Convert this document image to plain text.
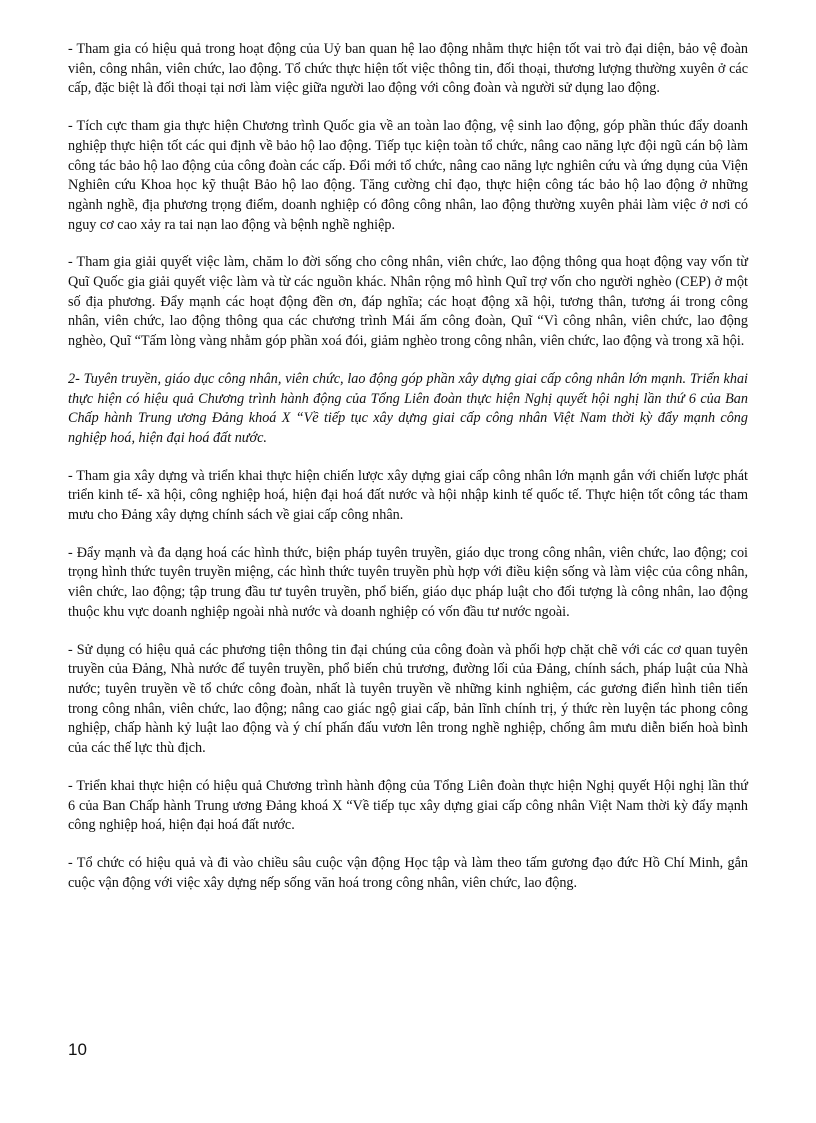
- Tham gia có hiệu quả trong hoạt động của Uỷ ban quan hệ lao động nhằm thực hiện tốt vai trò đại diện, bảo vệ đoàn viên, công nhân, viên chức, lao động. Tổ chức thực hiện tốt việc thông tin, đối thoại, thương lượng thường xuyên ở các cấp, đặc biệt là đối thoại tại nơi làm việc giữa người lao động với công đoàn và người sử dụng lao động.

- Tích cực tham gia thực hiện Chương trình Quốc gia về an toàn lao động, vệ sinh lao động, góp phần thúc đẩy doanh nghiệp thực hiện tốt các qui định về bảo hộ lao động. Tiếp tục kiện toàn tổ chức, nâng cao năng lực đội ngũ cán bộ làm công tác bảo hộ lao động của công đoàn các cấp. Đổi mới tổ chức, nâng cao năng lực nghiên cứu và ứng dụng của Viện Nghiên cứu Khoa học kỹ thuật Bảo hộ lao động. Tăng cường chỉ đạo, thực hiện công tác bảo hộ lao động ở những ngành nghề, địa phương trọng điểm, doanh nghiệp có đông công nhân, lao động thường xuyên phải làm việc ở nơi có nguy cơ cao xảy ra tai nạn lao động và bệnh nghề nghiệp.

- Tham gia giải quyết việc làm, chăm lo đời sống cho công nhân, viên chức, lao động thông qua hoạt động vay vốn từ Quĩ Quốc gia giải quyết việc làm và từ các nguồn khác. Nhân rộng mô hình Quĩ trợ vốn cho người nghèo (CEP) ở một số địa phương. Đẩy mạnh các hoạt động đền ơn, đáp nghĩa; các hoạt động xã hội, tương thân, tương ái trong công nhân, viên chức, lao động thông qua các chương trình Mái ấm công đoàn, Quĩ “Vì công nhân, viên chức, lao động nghèo, Quĩ “Tấm lòng vàng nhằm góp phần xoá đói, giảm nghèo trong công nhân, viên chức, lao động và trong xã hội.

2- Tuyên truyền, giáo dục công nhân, viên chức, lao động góp phần xây dựng giai cấp công nhân lớn mạnh. Triển khai thực hiện có hiệu quả Chương trình hành động của Tổng Liên đoàn thực hiện Nghị quyết hội nghị lần thứ 6 của Ban Chấp hành Trung ương Đảng khoá X “Về tiếp tục xây dựng giai cấp công nhân Việt Nam thời kỳ đẩy mạnh công nghiệp hoá, hiện đại hoá đất nước.

- Tham gia xây dựng và triển khai thực hiện chiến lược xây dựng giai cấp công nhân lớn mạnh gắn với chiến lược phát triển kinh tế- xã hội, công nghiệp hoá, hiện đại hoá đất nước và hội nhập kinh tế quốc tế. Thực hiện tốt công tác tham mưu cho Đảng xây dựng chính sách về giai cấp công nhân.

- Đẩy mạnh và đa dạng hoá các hình thức, biện pháp tuyên truyền, giáo dục trong công nhân, viên chức, lao động; coi trọng hình thức tuyên truyền miệng, các hình thức tuyên truyền phù hợp với điều kiện sống và làm việc của công nhân, viên chức, lao động; tập trung đầu tư tuyên truyền, phổ biến, giáo dục pháp luật cho đối tượng là công nhân, lao động thuộc khu vực doanh nghiệp ngoài nhà nước và doanh nghiệp có vốn đầu tư nước ngoài.

- Sử dụng có hiệu quả các phương tiện thông tin đại chúng của công đoàn và phối hợp chặt chẽ với các cơ quan tuyên truyền của Đảng, Nhà nước để tuyên truyền, phổ biến chủ trương, đường lối của Đảng, chính sách, pháp luật của Nhà nước; tuyên truyền về tổ chức công đoàn, nhất là tuyên truyền về những kinh nghiệm, các gương điển hình tiên tiến trong công nhân, viên chức, lao động; nâng cao giác ngộ giai cấp, bản lĩnh chính trị, ý thức rèn luyện tác phong công nghiệp, chấp hành kỷ luật lao động và ý chí phấn đấu vươn lên trong nghề nghiệp, chống âm mưu diễn biến hoà bình của các thế lực thù địch.

- Triển khai thực hiện có hiệu quả Chương trình hành động của Tổng Liên đoàn thực hiện Nghị quyết Hội nghị lần thứ 6 của Ban Chấp hành Trung ương Đảng khoá X “Về tiếp tục xây dựng giai cấp công nhân Việt Nam thời kỳ đẩy mạnh công nghiệp hoá, hiện đại hoá đất nước.

- Tổ chức có hiệu quả và đi vào chiều sâu cuộc vận động Học tập và làm theo tấm gương đạo đức Hồ Chí Minh, gắn cuộc vận động với việc xây dựng nếp sống văn hoá trong công nhân, viên chức, lao động.

10
